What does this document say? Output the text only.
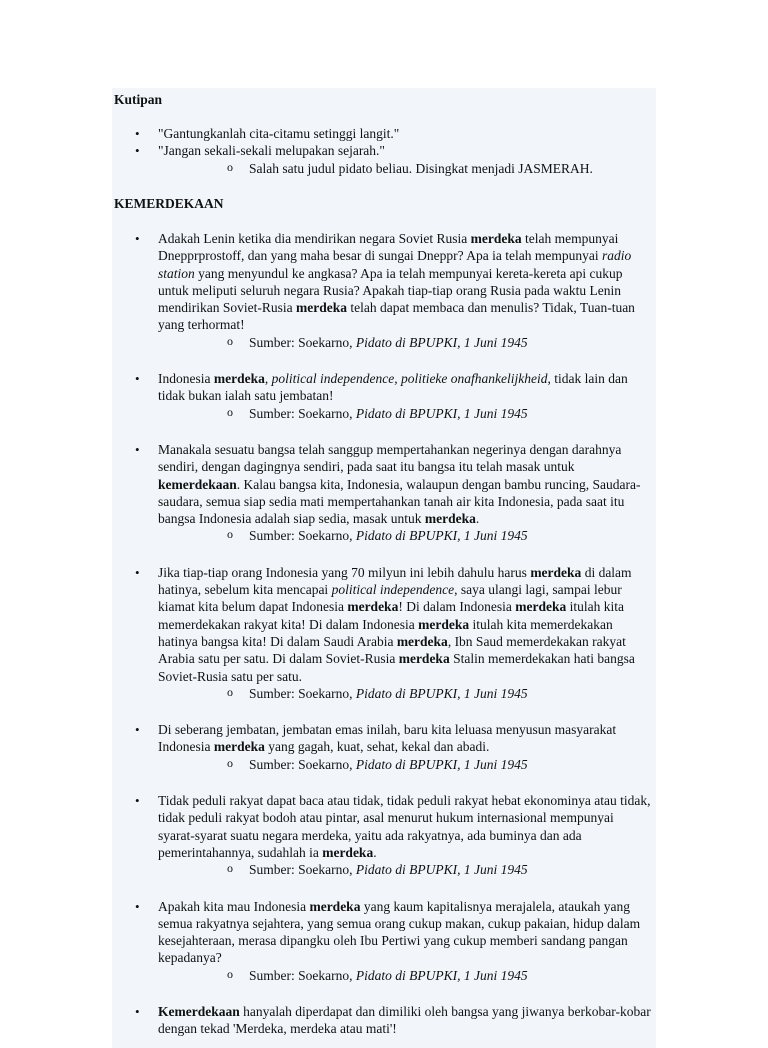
Kutipan
• "Gantungkanlah cita-citamu setinggi langit."
• "Jangan sekali-sekali melupakan sejarah."
o Salah satu judul pidato beliau. Disingkat menjadi JASMERAH.
KEMERDEKAAN
• Adakah Lenin ketika dia mendirikan negara Soviet Rusia merdeka telah mempunyai Dnepprprostoff, dan yang maha besar di sungai Dneppr? Apa ia telah mempunyai radio station yang menyundul ke angkasa? Apa ia telah mempunyai kereta-kereta api cukup untuk meliputi seluruh negara Rusia? Apakah tiap-tiap orang Rusia pada waktu Lenin mendirikan Soviet-Rusia merdeka telah dapat membaca dan menulis? Tidak, Tuan-tuan yang terhormat!
o Sumber: Soekarno, Pidato di BPUPKI, 1 Juni 1945
• Indonesia merdeka, political independence, politieke onafhankelijkheid, tidak lain dan tidak bukan ialah satu jembatan!
o Sumber: Soekarno, Pidato di BPUPKI, 1 Juni 1945
• Manakala sesuatu bangsa telah sanggup mempertahankan negerinya dengan darahnya sendiri, dengan dagingnya sendiri, pada saat itu bangsa itu telah masak untuk kemerdekaan. Kalau bangsa kita, Indonesia, walaupun dengan bambu runcing, Saudara-saudara, semua siap sedia mati mempertahankan tanah air kita Indonesia, pada saat itu bangsa Indonesia adalah siap sedia, masak untuk merdeka.
o Sumber: Soekarno, Pidato di BPUPKI, 1 Juni 1945
• Jika tiap-tiap orang Indonesia yang 70 milyun ini lebih dahulu harus merdeka di dalam hatinya, sebelum kita mencapai political independence, saya ulangi lagi, sampai lebur kiamat kita belum dapat Indonesia merdeka! Di dalam Indonesia merdeka itulah kita memerdekakan rakyat kita! Di dalam Indonesia merdeka itulah kita memerdekakan hatinya bangsa kita! Di dalam Saudi Arabia merdeka, Ibn Saud memerdekakan rakyat Arabia satu per satu. Di dalam Soviet-Rusia merdeka Stalin memerdekakan hati bangsa Soviet-Rusia satu per satu.
o Sumber: Soekarno, Pidato di BPUPKI, 1 Juni 1945
• Di seberang jembatan, jembatan emas inilah, baru kita leluasa menyusun masyarakat Indonesia merdeka yang gagah, kuat, sehat, kekal dan abadi.
o Sumber: Soekarno, Pidato di BPUPKI, 1 Juni 1945
• Tidak peduli rakyat dapat baca atau tidak, tidak peduli rakyat hebat ekonominya atau tidak, tidak peduli rakyat bodoh atau pintar, asal menurut hukum internasional mempunyai syarat-syarat suatu negara merdeka, yaitu ada rakyatnya, ada buminya dan ada pemerintahannya, sudahlah ia merdeka.
o Sumber: Soekarno, Pidato di BPUPKI, 1 Juni 1945
• Apakah kita mau Indonesia merdeka yang kaum kapitalisnya merajalela, ataukah yang semua rakyatnya sejahtera, yang semua orang cukup makan, cukup pakaian, hidup dalam kesejahteraan, merasa dipangku oleh Ibu Pertiwi yang cukup memberi sandang pangan kepadanya?
o Sumber: Soekarno, Pidato di BPUPKI, 1 Juni 1945
• Kemerdekaan hanyalah diperdapat dan dimiliki oleh bangsa yang jiwanya berkobar-kobar dengan tekad 'Merdeka, merdeka atau mati'!
